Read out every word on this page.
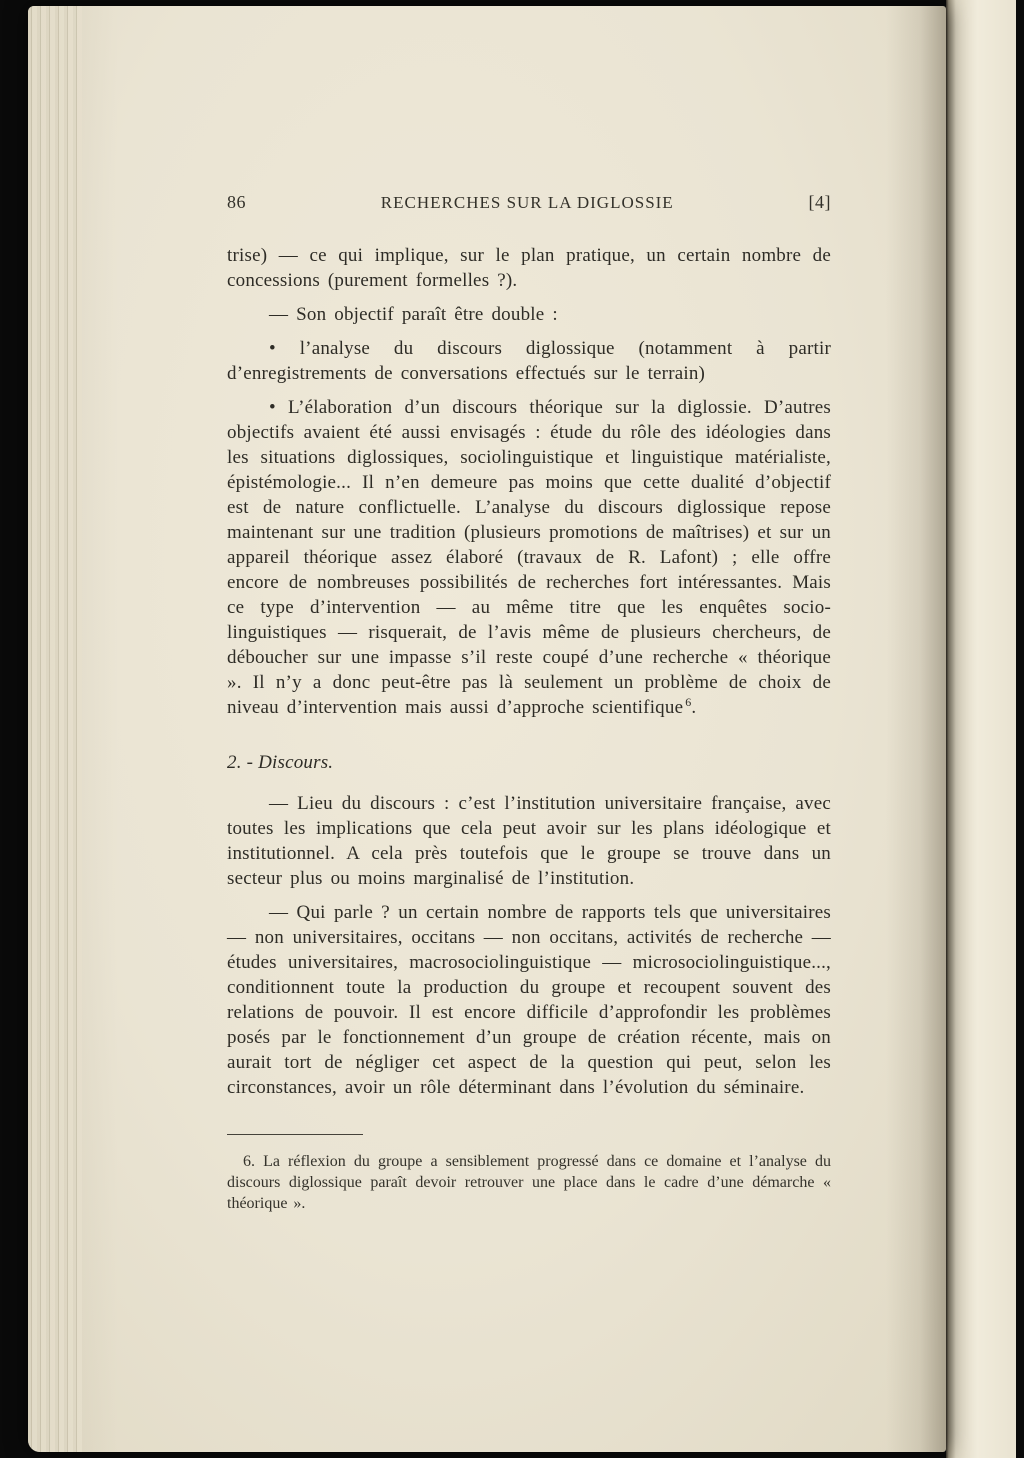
86	RECHERCHES SUR LA DIGLOSSIE	[4]

trise) — ce qui implique, sur le plan pratique, un certain nombre de concessions (purement formelles ?).

— Son objectif paraît être double :

• l’analyse du discours diglossique (notamment à partir d’enregistrements de conversations effectués sur le terrain)

• L’élaboration d’un discours théorique sur la diglossie. D’autres objectifs avaient été aussi envisagés : étude du rôle des idéologies dans les situations diglossiques, sociolinguistique et linguistique matérialiste, épistémologie... Il n’en demeure pas moins que cette dualité d’objectif est de nature conflictuelle. L’analyse du discours diglossique repose maintenant sur une tradition (plusieurs promotions de maîtrises) et sur un appareil théorique assez élaboré (travaux de R. Lafont) ; elle offre encore de nombreuses possibilités de recherches fort intéressantes. Mais ce type d’intervention — au même titre que les enquêtes socio-linguistiques — risquerait, de l’avis même de plusieurs chercheurs, de déboucher sur une impasse s’il reste coupé d’une recherche « théorique ». Il n’y a donc peut-être pas là seulement un problème de choix de niveau d’intervention mais aussi d’approche scientifique $^6$.

2. - Discours.

— Lieu du discours : c’est l’institution universitaire française, avec toutes les implications que cela peut avoir sur les plans idéologique et institutionnel. A cela près toutefois que le groupe se trouve dans un secteur plus ou moins marginalisé de l’institution.

— Qui parle ? un certain nombre de rapports tels que universitaires — non universitaires, occitans — non occitans, activités de recherche — études universitaires, macrosociolinguistique — microsociolinguistique..., conditionnent toute la production du groupe et recoupent souvent des relations de pouvoir. Il est encore difficile d’approfondir les problèmes posés par le fonctionnement d’un groupe de création récente, mais on aurait tort de négliger cet aspect de la question qui peut, selon les circonstances, avoir un rôle déterminant dans l’évolution du séminaire.

6. La réflexion du groupe a sensiblement progressé dans ce domaine et l’analyse du discours diglossique paraît devoir retrouver une place dans le cadre d’une démarche « théorique ».
